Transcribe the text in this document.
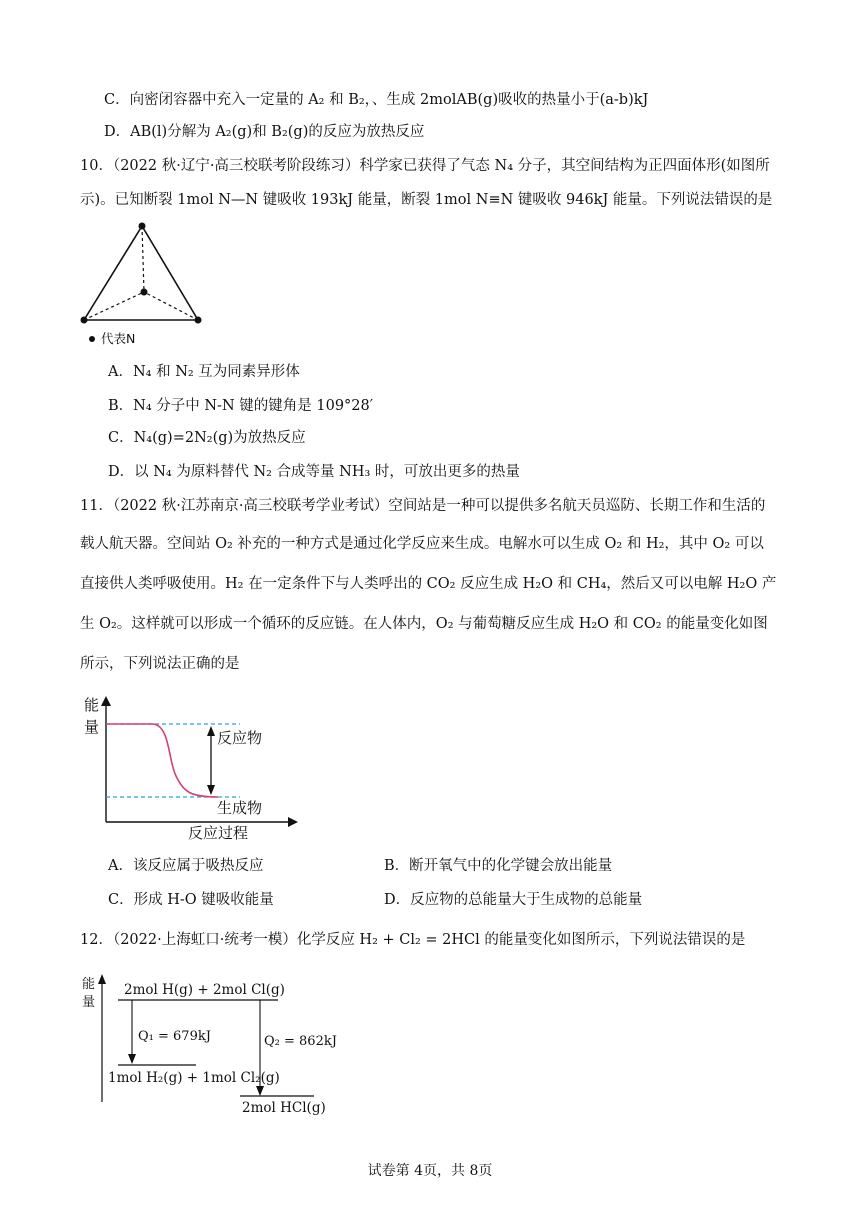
C．向密闭容器中充入一定量的 A₂ 和 B₂，、生成 2molAB(g)吸收的热量小于(a-b)kJ
D．AB(l)分解为 A₂(g)和 B₂(g)的反应为放热反应
10．（2022 秋·辽宁·高三校联考阶段练习）科学家已获得了气态 N₄ 分子，其空间结构为正四面体形(如图所
示)。已知断裂 1mol N—N 键吸收 193kJ 能量，断裂 1mol N≡N 键吸收 946kJ 能量。下列说法错误的是
代表N
A．N₄ 和 N₂ 互为同素异形体
B．N₄ 分子中 N-N 键的键角是 109°28′
C．N₄(g)=2N₂(g)为放热反应
D．以 N₄ 为原料替代 N₂ 合成等量 NH₃ 时，可放出更多的热量
11．（2022 秋·江苏南京·高三校联考学业考试）空间站是一种可以提供多名航天员巡防、长期工作和生活的
载人航天器。空间站 O₂ 补充的一种方式是通过化学反应来生成。电解水可以生成 O₂ 和 H₂，其中 O₂ 可以
直接供人类呼吸使用。H₂ 在一定条件下与人类呼出的 CO₂ 反应生成 H₂O 和 CH₄，然后又可以电解 H₂O 产
生 O₂。这样就可以形成一个循环的反应链。在人体内，O₂ 与葡萄糖反应生成 H₂O 和 CO₂ 的能量变化如图
所示，下列说法正确的是
能
量
反应物
生成物
反应过程
A．该反应属于吸热反应	B．断开氧气中的化学键会放出能量
C．形成 H-O 键吸收能量	D．反应物的总能量大于生成物的总能量
12．（2022·上海虹口·统考一模）化学反应 H₂ + Cl₂ = 2HCl 的能量变化如图所示，下列说法错误的是
能
量
2mol H(g) + 2mol Cl(g)
Q₁ = 679kJ	Q₂ = 862kJ
1mol H₂(g) + 1mol Cl₂(g)
2mol HCl(g)
试卷第 4页，共 8页
